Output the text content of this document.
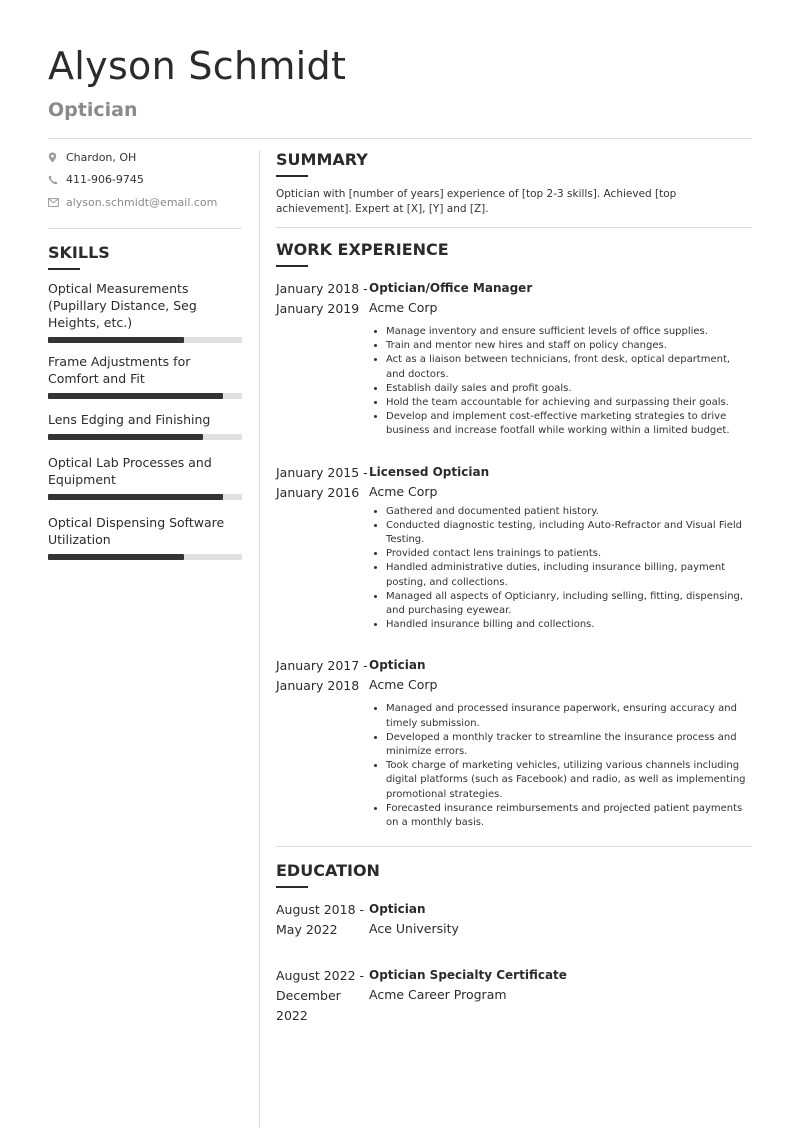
Alyson Schmidt
Optician
Chardon, OH
411-906-9745
alyson.schmidt@email.com
SKILLS
Optical Measurements (Pupillary Distance, Seg Heights, etc.)
Frame Adjustments for Comfort and Fit
Lens Edging and Finishing
Optical Lab Processes and Equipment
Optical Dispensing Software Utilization
SUMMARY
Optician with [number of years] experience of [top 2-3 skills]. Achieved [top achievement]. Expert at [X], [Y] and [Z].
WORK EXPERIENCE
January 2018 -
January 2019
Optician/Office Manager
Acme Corp
• Manage inventory and ensure sufficient levels of office supplies.
• Train and mentor new hires and staff on policy changes.
• Act as a liaison between technicians, front desk, optical department, and doctors.
• Establish daily sales and profit goals.
• Hold the team accountable for achieving and surpassing their goals.
• Develop and implement cost-effective marketing strategies to drive business and increase footfall while working within a limited budget.
January 2015 -
January 2016
Licensed Optician
Acme Corp
• Gathered and documented patient history.
• Conducted diagnostic testing, including Auto-Refractor and Visual Field Testing.
• Provided contact lens trainings to patients.
• Handled administrative duties, including insurance billing, payment posting, and collections.
• Managed all aspects of Opticianry, including selling, fitting, dispensing, and purchasing eyewear.
• Handled insurance billing and collections.
January 2017 -
January 2018
Optician
Acme Corp
• Managed and processed insurance paperwork, ensuring accuracy and timely submission.
• Developed a monthly tracker to streamline the insurance process and minimize errors.
• Took charge of marketing vehicles, utilizing various channels including digital platforms (such as Facebook) and radio, as well as implementing promotional strategies.
• Forecasted insurance reimbursements and projected patient payments on a monthly basis.
EDUCATION
August 2018 -
May 2022
Optician
Ace University
August 2022 -
December 2022
Optician Specialty Certificate
Acme Career Program
